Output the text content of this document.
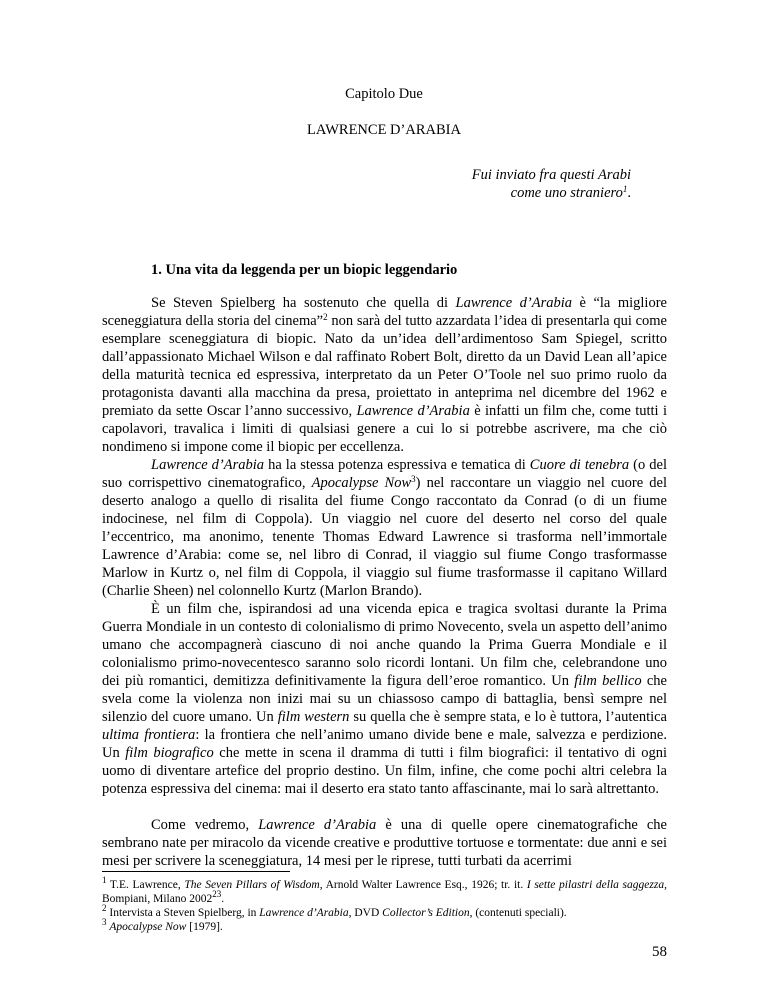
Capitolo Due
LAWRENCE D’ARABIA
Fui inviato fra questi Arabi
come uno straniero$^1$.
1. Una vita da leggenda per un biopic leggendario

Se Steven Spielberg ha sostenuto che quella di Lawrence d’Arabia è “la migliore sceneggiatura della storia del cinema”$^2$ non sarà del tutto azzardata l’idea di presentarla qui come esemplare sceneggiatura di biopic. Nato da un’idea dell’ardimentoso Sam Spiegel, scritto dall’appassionato Michael Wilson e dal raffinato Robert Bolt, diretto da un David Lean all’apice della maturità tecnica ed espressiva, interpretato da un Peter O’Toole nel suo primo ruolo da protagonista davanti alla macchina da presa, proiettato in anteprima nel dicembre del 1962 e premiato da sette Oscar l’anno successivo, Lawrence d’Arabia è infatti un film che, come tutti i capolavori, travalica i limiti di qualsiasi genere a cui lo si potrebbe ascrivere, ma che ciò nondimeno si impone come il biopic per eccellenza.

Lawrence d’Arabia ha la stessa potenza espressiva e tematica di Cuore di tenebra (o del suo corrispettivo cinematografico, Apocalypse Now$^3$) nel raccontare un viaggio nel cuore del deserto analogo a quello di risalita del fiume Congo raccontato da Conrad (o di un fiume indocinese, nel film di Coppola). Un viaggio nel cuore del deserto nel corso del quale l’eccentrico, ma anonimo, tenente Thomas Edward Lawrence si trasforma nell’immortale Lawrence d’Arabia: come se, nel libro di Conrad, il viaggio sul fiume Congo trasformasse Marlow in Kurtz o, nel film di Coppola, il viaggio sul fiume trasformasse il capitano Willard (Charlie Sheen) nel colonnello Kurtz (Marlon Brando).

È un film che, ispirandosi ad una vicenda epica e tragica svoltasi durante la Prima Guerra Mondiale in un contesto di colonialismo di primo Novecento, svela un aspetto dell’animo umano che accompagnerà ciascuno di noi anche quando la Prima Guerra Mondiale e il colonialismo primo-novecentesco saranno solo ricordi lontani. Un film che, celebrandone uno dei più romantici, demitizza definitivamente la figura dell’eroe romantico. Un film bellico che svela come la violenza non inizi mai su un chiassoso campo di battaglia, bensì sempre nel silenzio del cuore umano. Un film western su quella che è sempre stata, e lo è tuttora, l’autentica ultima frontiera: la frontiera che nell’animo umano divide bene e male, salvezza e perdizione. Un film biografico che mette in scena il dramma di tutti i film biografici: il tentativo di ogni uomo di diventare artefice del proprio destino. Un film, infine, che come pochi altri celebra la potenza espressiva del cinema: mai il deserto era stato tanto affascinante, mai lo sarà altrettanto.

Come vedremo, Lawrence d’Arabia è una di quelle opere cinematografiche che sembrano nate per miracolo da vicende creative e produttive tortuose e tormentate: due anni e sei mesi per scrivere la sceneggiatura, 14 mesi per le riprese, tutti turbati da acerrimi

$^1$ T.E. Lawrence, The Seven Pillars of Wisdom, Arnold Walter Lawrence Esq., 1926; tr. it. I sette pilastri della saggezza, Bompiani, Milano 2002$^{23}$.
$^2$ Intervista a Steven Spielberg, in Lawrence d’Arabia, DVD Collector’s Edition, (contenuti speciali).
$^3$ Apocalypse Now [1979].
58
